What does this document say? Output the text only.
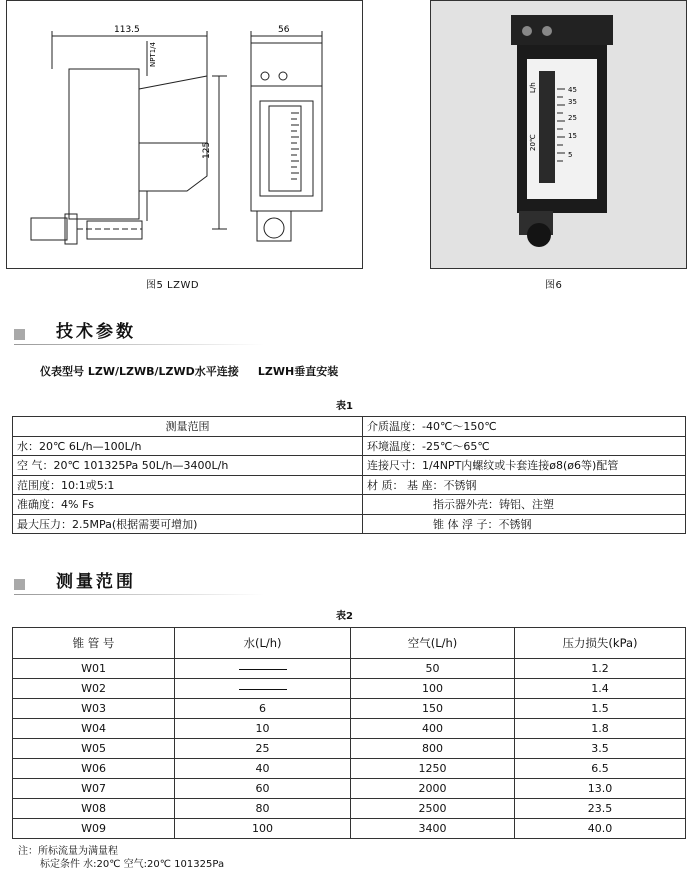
113.5	56
125
NPT1/4
图5 LZWD
45
35
25
15
5
L/h
20℃
图6
技术参数
仪表型号 LZW/LZWB/LZWD水平连接     LZWH垂直安装
表1
测量范围	介质温度：-40℃～150℃
水：20℃ 6L/h—100L/h	环境温度：-25℃～65℃
空 气：20℃ 101325Pa 50L/h—3400L/h	连接尺寸：1/4NPT内螺纹或卡套连接ø8(ø6等)配管
范围度：10:1或5:1	材 质： 基 座：不锈钢
准确度：4% Fs	指示器外壳：铸铝、注塑
最大压力：2.5MPa(根据需要可增加)	锥 体 浮 子：不锈钢
测量范围
表2
锥 管 号	水(L/h)	空气(L/h)	压力损失(kPa)
W01		50	1.2
W02		100	1.4
W03	6	150	1.5
W04	10	400	1.8
W05	25	800	3.5
W06	40	1250	6.5
W07	60	2000	13.0
W08	80	2500	23.5
W09	100	3400	40.0
注：所标流量为满量程
标定条件 水:20℃ 空气:20℃ 101325Pa
